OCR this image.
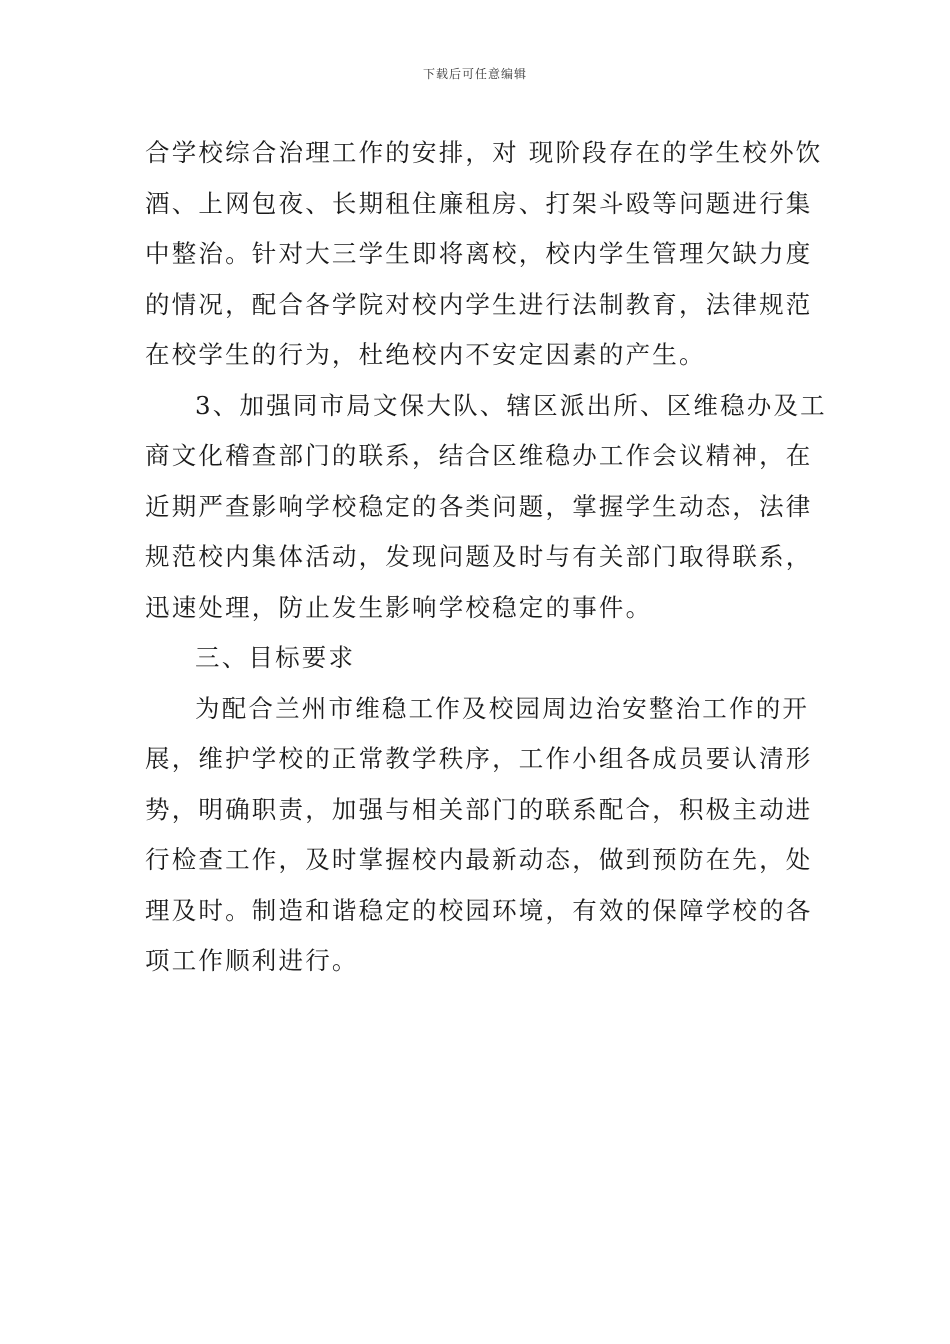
下载后可任意编辑

合学校综合治理工作的安排，对 现阶段存在的学生校外饮
酒、上网包夜、长期租住廉租房、打架斗殴等问题进行集
中整治。针对大三学生即将离校，校内学生管理欠缺力度
的情况，配合各学院对校内学生进行法制教育，法律规范
在校学生的行为，杜绝校内不安定因素的产生。

3、加强同市局文保大队、辖区派出所、区维稳办及工
商文化稽查部门的联系，结合区维稳办工作会议精神，在
近期严查影响学校稳定的各类问题，掌握学生动态，法律
规范校内集体活动，发现问题及时与有关部门取得联系，
迅速处理，防止发生影响学校稳定的事件。

三、目标要求

为配合兰州市维稳工作及校园周边治安整治工作的开
展，维护学校的正常教学秩序，工作小组各成员要认清形
势，明确职责，加强与相关部门的联系配合，积极主动进
行检查工作，及时掌握校内最新动态，做到预防在先，处
理及时。制造和谐稳定的校园环境，有效的保障学校的各
项工作顺利进行。
